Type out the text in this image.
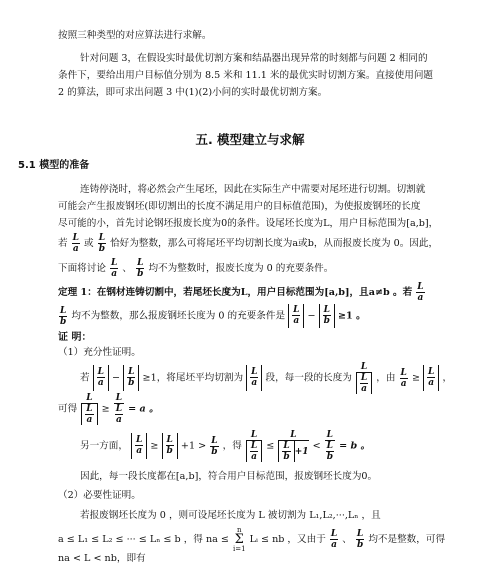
按照三种类型的对应算法进行求解。
针对问题 3，在假设实时最优切割方案和结晶器出现异常的时刻都与问题 2 相同的
条件下，要给出用户目标值分别为 8.5 米和 11.1 米的最优实时切割方案。直接使用问题
2 的算法，即可求出问题 3 中(1)(2)小问的实时最优切割方案。
五. 模型建立与求解
5.1 模型的准备
连铸停浇时，将必然会产生尾坯，因此在实际生产中需要对尾坯进行切割。切割就
可能会产生报废钢坯(即切割出的长度不满足用户的目标值范围)，为使报废钢坯的长度
尽可能的小，首先讨论钢坯报废长度为0的条件。设尾坯长度为L，用户目标范围为[a,b]，
若 $\frac{L}{a}$ 或 $\frac{L}{b}$ 恰好为整数，那么可将尾坯平均切割长度为a或b，从而报废长度为 0。因此，
下面将讨论 $\frac{L}{a}$ 、 $\frac{L}{b}$ 均不为整数时，报废长度为 0 的充要条件。
定理 1：在钢材连铸切割中，若尾坯长度为L，用户目标范围为[a,b]，且a≠b 。若 $\frac{L}{a}$
$\frac{L}{b}$ 均不为整数，那么报废钢坯长度为 0 的充要条件是 $\frac{L}{a} - \frac{L}{b} \ge 1$ 。
证 明：
（1）充分性证明。
若 $\frac{L}{a} - \frac{L}{b} \ge 1$，将尾坯平均切割为 $\frac{L}{a}$ 段，每一段的长度为 $\frac{L}{\frac{L}{a}}$ ，由 $\frac{L}{a} \ge \frac{L}{a}$ ，
可得 $\frac{L}{\frac{L}{a}} \ge \frac{L}{\frac{L}{a}} = a$ 。
另一方面， $\frac{L}{a} \ge \frac{L}{b} +1 > \frac{L}{b}$ ，得 $\frac{L}{\frac{L}{a}} \le \frac{L}{\frac{L}{b} +1} < \frac{L}{\frac{L}{b}} = b$ 。
因此，每一段长度都在[a,b]，符合用户目标范围，报废钢坯长度为0。
（2）必要性证明。
若报废钢坯长度为 0 ，则可设尾坯长度为 L 被切割为 L₁,L₂,···,Lₙ ，且
a ≤ L₁ ≤ L₂ ≤ ··· ≤ Lₙ ≤ b ，得 na ≤
n
Σ
i=1
Lᵢ ≤ nb ，又由于 $\frac{L}{a}$ 、 $\frac{L}{b}$ 均不是整数，可得
na < L < nb，即有
